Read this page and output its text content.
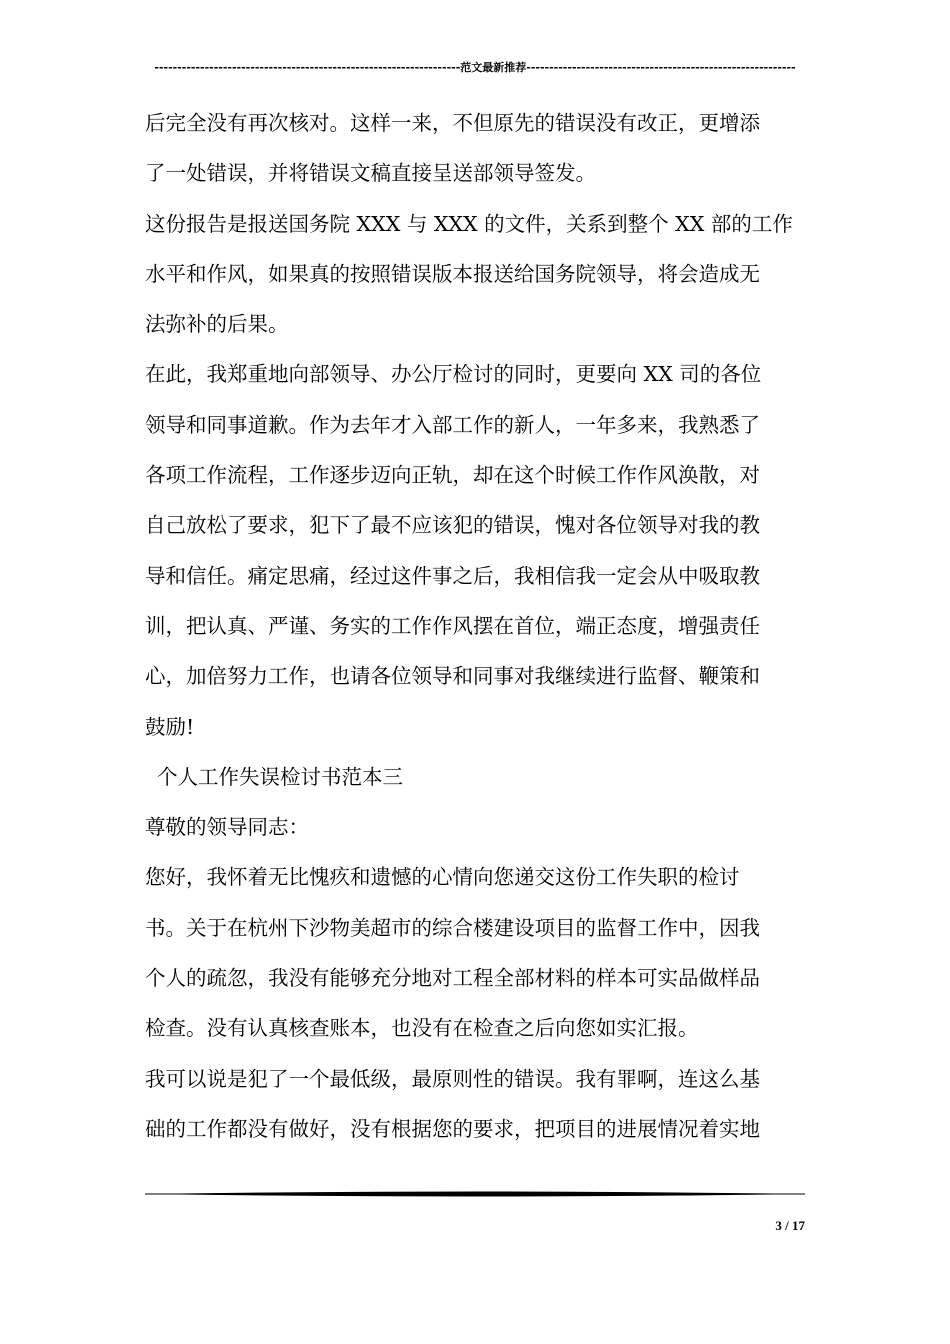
-------------------------------------------------------------------范文最新推荐-----------------------------------------------------------

后完全没有再次核对。这样一来，不但原先的错误没有改正，更增添
了一处错误，并将错误文稿直接呈送部领导签发。

这份报告是报送国务院 XXX 与 XXX 的文件，关系到整个 XX 部的工作
水平和作风，如果真的按照错误版本报送给国务院领导，将会造成无
法弥补的后果。

在此，我郑重地向部领导、办公厅检讨的同时，更要向 XX 司的各位
领导和同事道歉。作为去年才入部工作的新人，一年多来，我熟悉了
各项工作流程，工作逐步迈向正轨，却在这个时候工作作风涣散，对
自己放松了要求，犯下了最不应该犯的错误，愧对各位领导对我的教
导和信任。痛定思痛，经过这件事之后，我相信我一定会从中吸取教
训，把认真、严谨、务实的工作作风摆在首位，端正态度，增强责任
心，加倍努力工作，也请各位领导和同事对我继续进行监督、鞭策和
鼓励!

个人工作失误检讨书范本三

尊敬的领导同志：

您好，我怀着无比愧疚和遗憾的心情向您递交这份工作失职的检讨
书。关于在杭州下沙物美超市的综合楼建设项目的监督工作中，因我
个人的疏忽，我没有能够充分地对工程全部材料的样本可实品做样品
检查。没有认真核查账本，也没有在检查之后向您如实汇报。

我可以说是犯了一个最低级，最原则性的错误。我有罪啊，连这么基
础的工作都没有做好，没有根据您的要求，把项目的进展情况着实地

3 / 17
